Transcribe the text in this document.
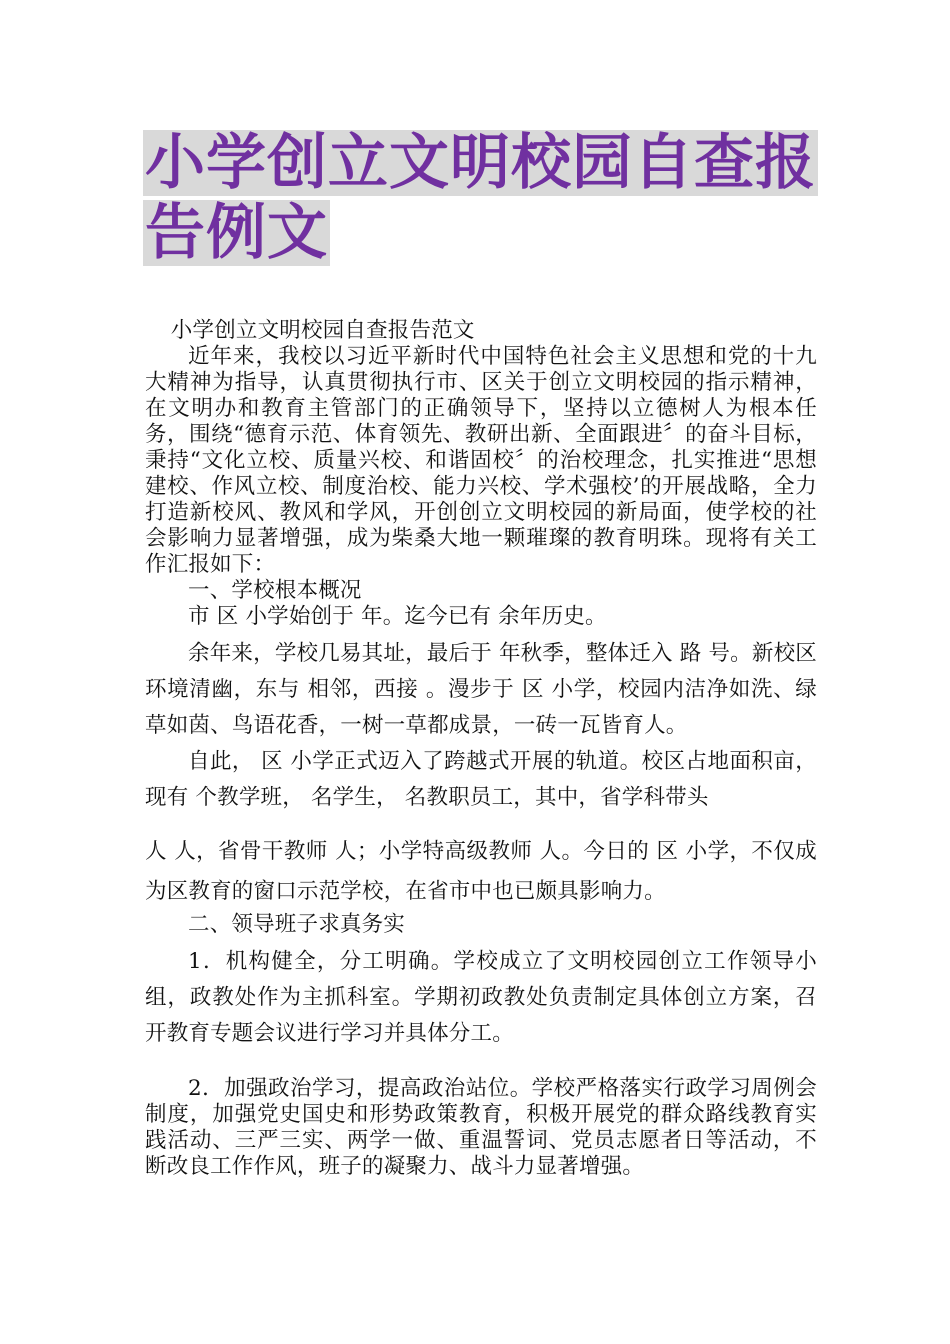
小学创立文明校园自查报 告例文

小学创立文明校园自查报告范文

近年来，我校以习近平新时代中国特色社会主义思想和党的十九大精神为指导，认真贯彻执行市、区关于创立文明校园的指示精神，在文明办和教育主管部门的正确领导下，坚持以立德树人为根本任务，围绕“德育示范、体育领先、教研出新、全面跟进〞的奋斗目标，秉持“文化立校、质量兴校、和谐固校〞的治校理念，扎实推进“思想建校、作风立校、制度治校、能力兴校、学术强校’的开展战略，全力打造新校风、教风和学风，开创创立文明校园的新局面，使学校的社会影响力显著增强，成为柴桑大地一颗璀璨的教育明珠。现将有关工作汇报如下：

一、学校根本概况

市 区 小学始创于 年。迄今已有 余年历史。

余年来，学校几易其址，最后于 年秋季，整体迁入 路 号。新校区环境清幽，东与 相邻，西接 。漫步于 区 小学，校园内洁净如洗、绿草如茵、鸟语花香，一树一草都成景，一砖一瓦皆育人。

自此， 区 小学正式迈入了跨越式开展的轨道。校区占地面积亩，现有 个教学班， 名学生， 名教职员工，其中，省学科带头

人 人，省骨干教师 人；小学特高级教师 人。今日的 区 小学，不仅成为区教育的窗口示范学校，在省市中也已颇具影响力。

二、领导班子求真务实

1．机构健全，分工明确。学校成立了文明校园创立工作领导小组，政教处作为主抓科室。学期初政教处负责制定具体创立方案，召开教育专题会议进行学习并具体分工。

2．加强政治学习，提高政治站位。学校严格落实行政学习周例会制度，加强党史国史和形势政策教育，积极开展党的群众路线教育实践活动、三严三实、两学一做、重温誓词、党员志愿者日等活动，不断改良工作作风，班子的凝聚力、战斗力显著增强。
